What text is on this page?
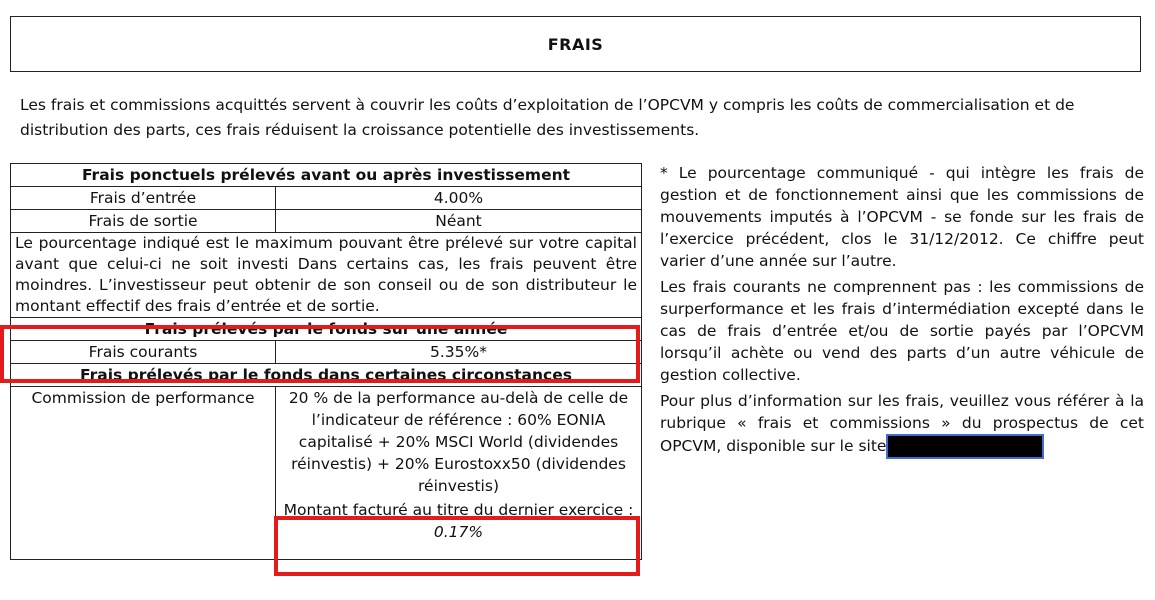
FRAIS
Les frais et commissions acquittés servent à couvrir les coûts d’exploitation de l’OPCVM y compris les coûts de commercialisation et de distribution des parts, ces frais réduisent la croissance potentielle des investissements.
Frais ponctuels prélevés avant ou après investissement	
Frais d’entrée	4.00%
Frais de sortie	Néant

Le pourcentage indiqué est le maximum pouvant être prélevé sur votre capital avant que celui-ci ne soit investi Dans certains cas, les frais peuvent être moindres. L’investisseur peut obtenir de son conseil ou de son distributeur le montant effectif des frais d’entrée et de sortie.	

Frais prélevés par le fonds sur une année	
Frais courants	5.35%*
Frais prélevés par le fonds dans certaines circonstances	
Commission de performance	20 % de la performance au-delà de celle de l’indicateur de référence : 60% EONIA capitalisé + 20% MSCI World (dividendes réinvestis) + 20% Eurostoxx50 (dividendes réinvestis)
Montant facturé au titre du dernier exercice : 0.17%

* Le pourcentage communiqué - qui intègre les frais de gestion et de fonctionnement ainsi que les commissions de mouvements imputés à l’OPCVM - se fonde sur les frais de l’exercice précédent, clos le 31/12/2012. Ce chiffre peut varier d’une année sur l’autre.

Les frais courants ne comprennent pas : les commissions de surperformance et les frais d’intermédiation excepté dans le cas de frais d’entrée et/ou de sortie payés par l’OPCVM lorsqu’il achète ou vend des parts d’un autre véhicule de gestion collective.

Pour plus d’information sur les frais, veuillez vous référer à la rubrique « frais et commissions » du prospectus de cet OPCVM, disponible sur le site
